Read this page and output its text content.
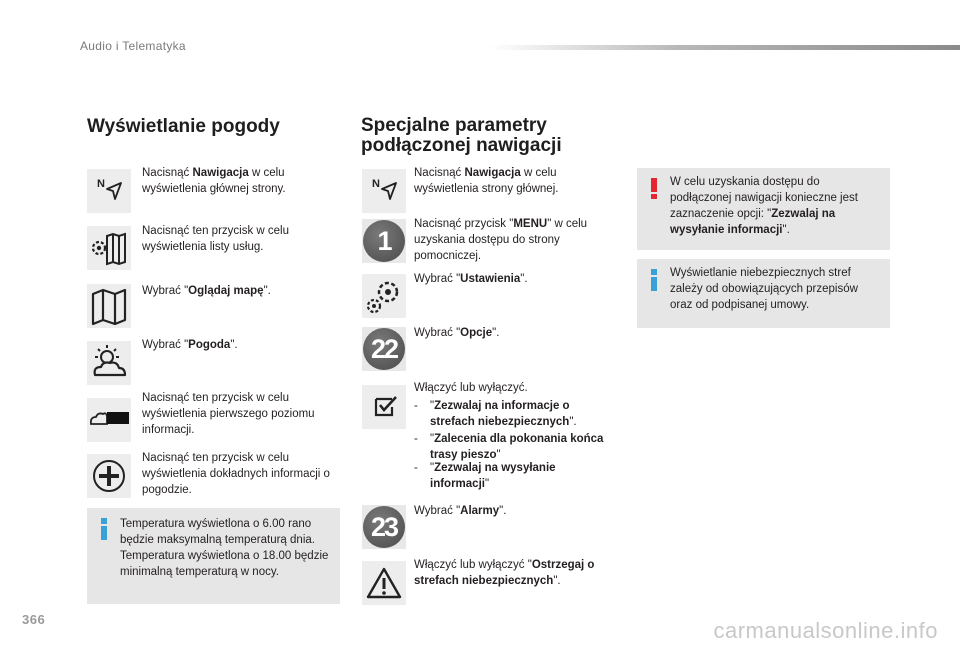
Audio i Telematyka
Wyświetlanie pogody
N
Nacisnąć Nawigacja w celu wyświetlenia głównej strony.
Nacisnąć ten przycisk w celu wyświetlenia listy usług.
Wybrać "Oglądaj mapę".
Wybrać "Pogoda".
Nacisnąć ten przycisk w celu wyświetlenia pierwszego poziomu informacji.
Nacisnąć ten przycisk w celu wyświetlenia dokładnych informacji o pogodzie.
Temperatura wyświetlona o 6.00 rano będzie maksymalną temperaturą dnia. Temperatura wyświetlona o 18.00 będzie minimalną temperaturą w nocy.
Specjalne parametry
podłączonej nawigacji
N
Nacisnąć Nawigacja w celu wyświetlenia strony głównej.
1
Nacisnąć przycisk "MENU" w celu uzyskania dostępu do strony pomocniczej.
Wybrać "Ustawienia".
22
Wybrać "Opcje".
Włączyć lub wyłączyć.
- "Zezwalaj na informacje o strefach niebezpiecznych".
- "Zalecenia dla pokonania końca trasy pieszo"
- "Zezwalaj na wysyłanie informacji"
23
Wybrać "Alarmy".
Włączyć lub wyłączyć "Ostrzegaj o strefach niebezpiecznych".
W celu uzyskania dostępu do podłączonej nawigacji konieczne jest zaznaczenie opcji: "Zezwalaj na wysyłanie informacji".
Wyświetlanie niebezpiecznych stref zależy od obowiązujących przepisów oraz od podpisanej umowy.
366	carmanualsonline.info
